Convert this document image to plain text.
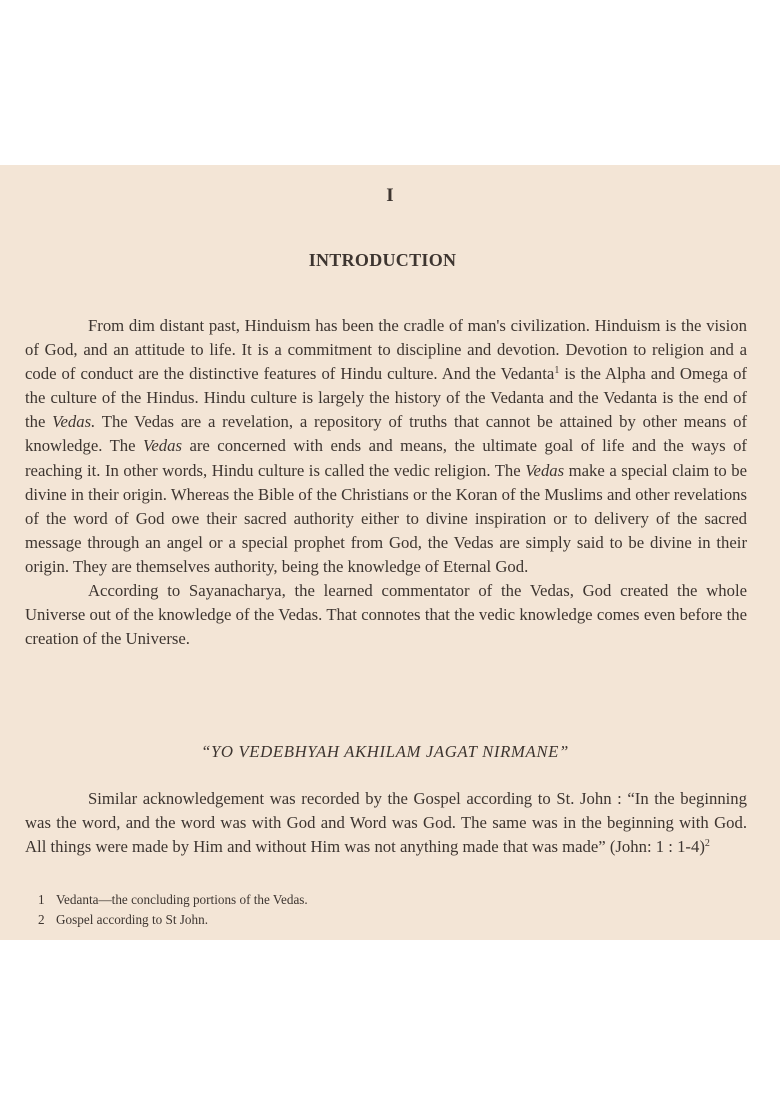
I
INTRODUCTION

From dim distant past, Hinduism has been the cradle of man's civilization. Hinduism is the vision of God, and an attitude to life. It is a commitment to discipline and devotion. Devotion to religion and a code of conduct are the distinctive features of Hindu culture. And the Vedanta$^1$ is the Alpha and Omega of the culture of the Hindus. Hindu culture is largely the history of the Vedanta and the Vedanta is the end of the Vedas. The Vedas are a revelation, a repository of truths that cannot be attained by other means of knowledge. The Vedas are concerned with ends and means, the ultimate goal of life and the ways of reaching it. In other words, Hindu culture is called the vedic religion. The Vedas make a special claim to be divine in their origin. Whereas the Bible of the Christians or the Koran of the Muslims and other revelations of the word of God owe their sacred authority either to divine inspiration or to delivery of the sacred message through an angel or a special prophet from God, the Vedas are simply said to be divine in their origin. They are themselves authority, being the knowledge of Eternal God.

According to Sayanacharya, the learned commentator of the Vedas, God created the whole Universe out of the knowledge of the Vedas. That connotes that the vedic knowledge comes even before the creation of the Universe.

“YO VEDEBHYAH AKHILAM JAGAT NIRMANE”

Similar acknowledgement was recorded by the Gospel according to St. John : “In the beginning was the word, and the word was with God and Word was God. The same was in the beginning with God. All things were made by Him and without Him was not anything made that was made” (John: 1 : 1-4)$^2$

1 Vedanta—the concluding portions of the Vedas.
2 Gospel according to St John.
